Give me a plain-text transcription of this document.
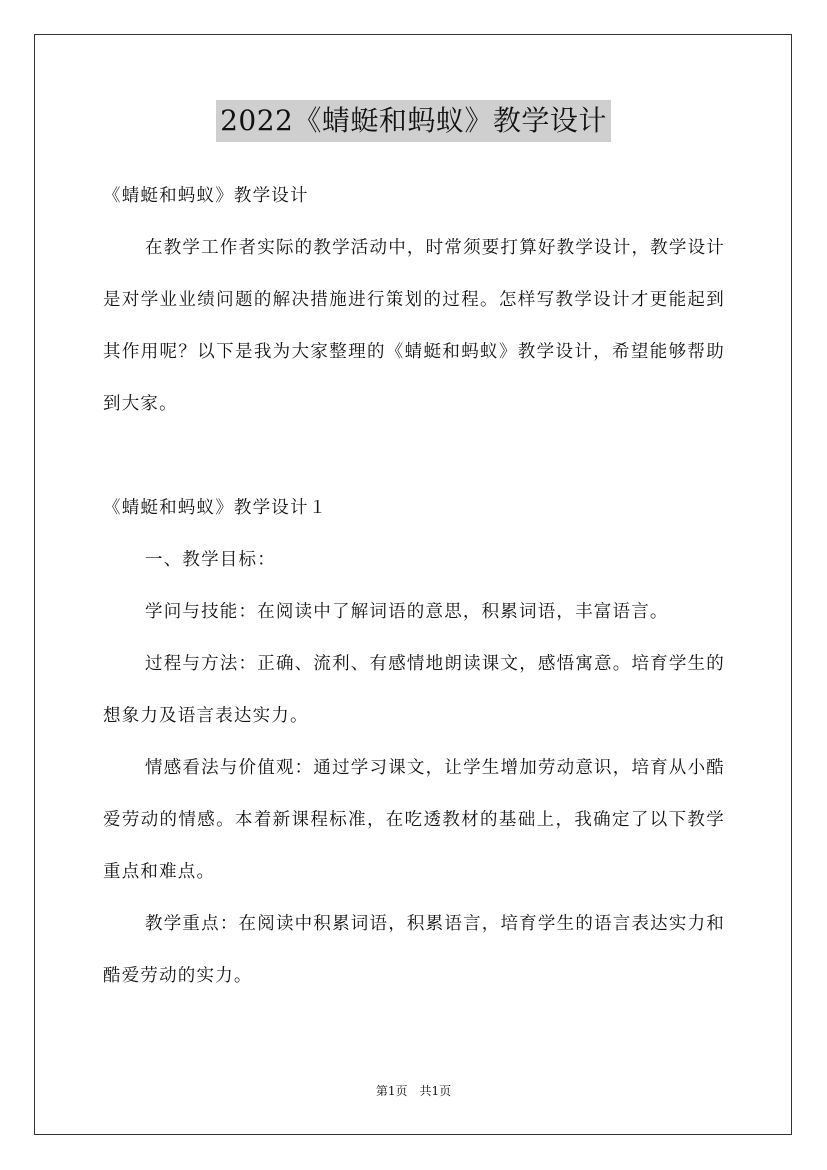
2022《蜻蜓和蚂蚁》教学设计

《蜻蜓和蚂蚁》教学设计

在教学工作者实际的教学活动中，时常须要打算好教学设计，教学设计是对学业业绩问题的解决措施进行策划的过程。怎样写教学设计才更能起到其作用呢？以下是我为大家整理的《蜻蜓和蚂蚁》教学设计，希望能够帮助到大家。

《蜻蜓和蚂蚁》教学设计１

一、教学目标：

学问与技能：在阅读中了解词语的意思，积累词语，丰富语言。

过程与方法：正确、流利、有感情地朗读课文，感悟寓意。培育学生的想象力及语言表达实力。

情感看法与价值观：通过学习课文，让学生增加劳动意识，培育从小酷爱劳动的情感。本着新课程标准，在吃透教材的基础上，我确定了以下教学重点和难点。

教学重点：在阅读中积累词语，积累语言，培育学生的语言表达实力和酷爱劳动的实力。

第1页　共1页
